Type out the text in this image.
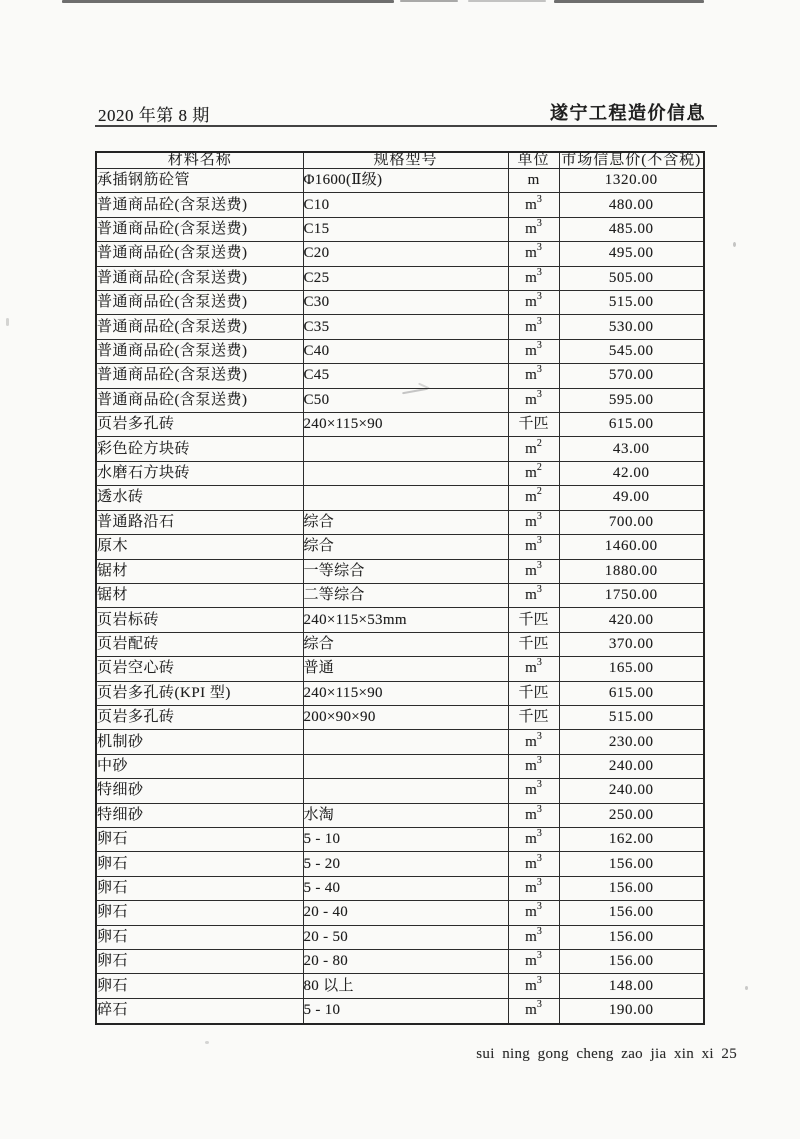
2020 年第 8 期	遂宁工程造价信息
材料名称	规格型号	单位	市场信息价(不含税)
承插钢筋砼管	Φ1600(Ⅱ级)	m	1320.00
普通商品砼(含泵送费)	C10	$m^3$	480.00
普通商品砼(含泵送费)	C15	$m^3$	485.00
普通商品砼(含泵送费)	C20	$m^3$	495.00
普通商品砼(含泵送费)	C25	$m^3$	505.00
普通商品砼(含泵送费)	C30	$m^3$	515.00
普通商品砼(含泵送费)	C35	$m^3$	530.00
普通商品砼(含泵送费)	C40	$m^3$	545.00
普通商品砼(含泵送费)	C45	$m^3$	570.00
普通商品砼(含泵送费)	C50	$m^3$	595.00
页岩多孔砖	240×115×90	千匹	615.00
彩色砼方块砖		$m^2$	43.00
水磨石方块砖		$m^2$	42.00
透水砖		$m^2$	49.00
普通路沿石	综合	$m^3$	700.00
原木	综合	$m^3$	1460.00
锯材	一等综合	$m^3$	1880.00
锯材	二等综合	$m^3$	1750.00
页岩标砖	240×115×53mm	千匹	420.00
页岩配砖	综合	千匹	370.00
页岩空心砖	普通	$m^3$	165.00
页岩多孔砖(KPI 型)	240×115×90	千匹	615.00
页岩多孔砖	200×90×90	千匹	515.00
机制砂		$m^3$	230.00
中砂		$m^3$	240.00
特细砂		$m^3$	240.00
特细砂	水淘	$m^3$	250.00
卵石	5 - 10	$m^3$	162.00
卵石	5 - 20	$m^3$	156.00
卵石	5 - 40	$m^3$	156.00
卵石	20 - 40	$m^3$	156.00
卵石	20 - 50	$m^3$	156.00
卵石	20 - 80	$m^3$	156.00
卵石	80 以上	$m^3$	148.00
碎石	5 - 10	$m^3$	190.00
sui ning gong cheng zao jia xin xi 25
